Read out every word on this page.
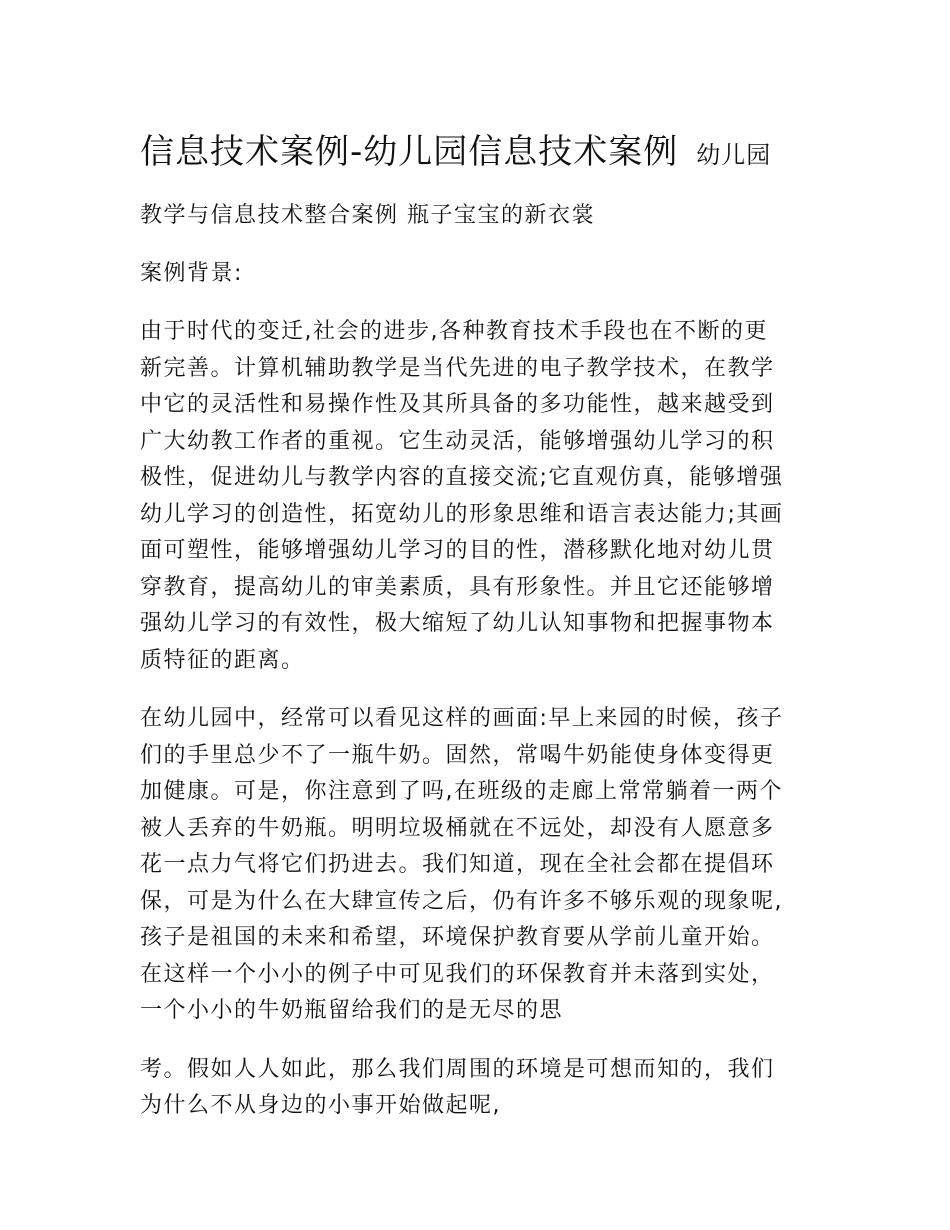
信息技术案例-幼儿园信息技术案例 幼儿园
教学与信息技术整合案例 瓶子宝宝的新衣裳
案例背景:
由于时代的变迁,社会的进步,各种教育技术手段也在不断的更
新完善。计算机辅助教学是当代先进的电子教学技术，在教学
中它的灵活性和易操作性及其所具备的多功能性，越来越受到
广大幼教工作者的重视。它生动灵活，能够增强幼儿学习的积
极性，促进幼儿与教学内容的直接交流;它直观仿真，能够增强
幼儿学习的创造性，拓宽幼儿的形象思维和语言表达能力;其画
面可塑性，能够增强幼儿学习的目的性，潜移默化地对幼儿贯
穿教育，提高幼儿的审美素质，具有形象性。并且它还能够增
强幼儿学习的有效性，极大缩短了幼儿认知事物和把握事物本
质特征的距离。
在幼儿园中，经常可以看见这样的画面:早上来园的时候，孩子
们的手里总少不了一瓶牛奶。固然，常喝牛奶能使身体变得更
加健康。可是，你注意到了吗,在班级的走廊上常常躺着一两个
被人丢弃的牛奶瓶。明明垃圾桶就在不远处，却没有人愿意多
花一点力气将它们扔进去。我们知道，现在全社会都在提倡环
保，可是为什么在大肆宣传之后，仍有许多不够乐观的现象呢,
孩子是祖国的未来和希望，环境保护教育要从学前儿童开始。
在这样一个小小的例子中可见我们的环保教育并未落到实处，
一个小小的牛奶瓶留给我们的是无尽的思
考。假如人人如此，那么我们周围的环境是可想而知的，我们
为什么不从身边的小事开始做起呢,
